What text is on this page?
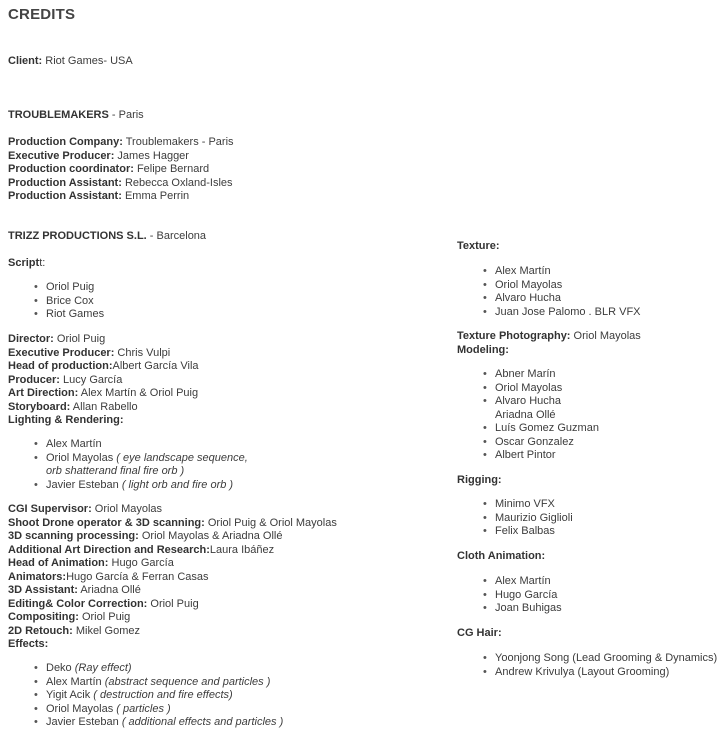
CREDITS
Client: Riot Games- USA
TROUBLEMAKERS - Paris
Production Company: Troublemakers - Paris
Executive Producer: James Hagger
Production coordinator: Felipe Bernard
Production Assistant: Rebecca Oxland-Isles
Production Assistant: Emma Perrin
TRIZZ PRODUCTIONS S.L. - Barcelona
Scriptt:
• Oriol Puig
• Brice Cox
• Riot Games
Director: Oriol Puig
Executive Producer: Chris Vulpi
Head of production:Albert García Vila
Producer: Lucy García
Art Direction: Alex Martín & Oriol Puig
Storyboard: Allan Rabello
Lighting & Rendering:
• Alex Martín
• Oriol Mayolas ( eye landscape sequence,
orb shatterand final fire orb )
• Javier Esteban ( light orb and fire orb )
CGI Supervisor: Oriol Mayolas
Shoot Drone operator & 3D scanning: Oriol Puig & Oriol Mayolas
3D scanning processing: Oriol Mayolas & Ariadna Ollé
Additional Art Direction and Research:Laura Ibáñez
Head of Animation: Hugo García
Animators:Hugo García & Ferran Casas
3D Assistant: Ariadna Ollé
Editing& Color Correction: Oriol Puig
Compositing: Oriol Puig
2D Retouch: Mikel Gomez
Effects:
• Deko (Ray effect)
• Alex Martín (abstract sequence and particles )
• Yigit Acik ( destruction and fire effects)
• Oriol Mayolas ( particles )
• Javier Esteban ( additional effects and particles )
Texture:
• Alex Martín
• Oriol Mayolas
• Alvaro Hucha
• Juan Jose Palomo . BLR VFX
Texture Photography: Oriol Mayolas
Modeling:
• Abner Marín
• Oriol Mayolas
• Alvaro Hucha
Ariadna Ollé
• Luís Gomez Guzman
• Oscar Gonzalez
• Albert Pintor
Rigging:
• Minimo VFX
• Maurizio Giglioli
• Felix Balbas
Cloth Animation:
• Alex Martín
• Hugo García
• Joan Buhigas
CG Hair:
• Yoonjong Song (Lead Grooming & Dynamics)
• Andrew Krivulya (Layout Grooming)
